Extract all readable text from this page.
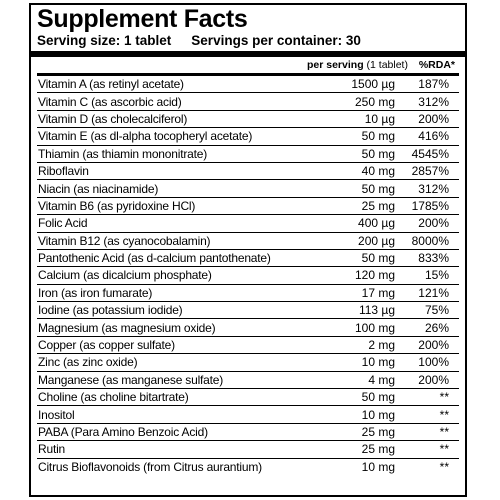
Supplement Facts
Serving size: 1 tablet Servings per container: 30
	per serving (1 tablet)	%RDA*
Vitamin A (as retinyl acetate)	1500 µg	187%
Vitamin C (as ascorbic acid)	250 mg	312%
Vitamin D (as cholecalciferol)	10 µg	200%
Vitamin E (as dl-alpha tocopheryl acetate)	50 mg	416%
Thiamin (as thiamin mononitrate)	50 mg	4545%
Riboflavin	40 mg	2857%
Niacin (as niacinamide)	50 mg	312%
Vitamin B6 (as pyridoxine HCl)	25 mg	1785%
Folic Acid	400 µg	200%
Vitamin B12 (as cyanocobalamin)	200 µg	8000%
Pantothenic Acid (as d-calcium pantothenate)	50 mg	833%
Calcium (as dicalcium phosphate)	120 mg	15%
Iron (as iron fumarate)	17 mg	121%
Iodine (as potassium iodide)	113 µg	75%
Magnesium (as magnesium oxide)	100 mg	26%
Copper (as copper sulfate)	2 mg	200%
Zinc (as zinc oxide)	10 mg	100%
Manganese (as manganese sulfate)	4 mg	200%
Choline (as choline bitartrate)	50 mg	**
Inositol	10 mg	**
PABA (Para Amino Benzoic Acid)	25 mg	**
Rutin	25 mg	**
Citrus Bioflavonoids (from Citrus aurantium)	10 mg	**
